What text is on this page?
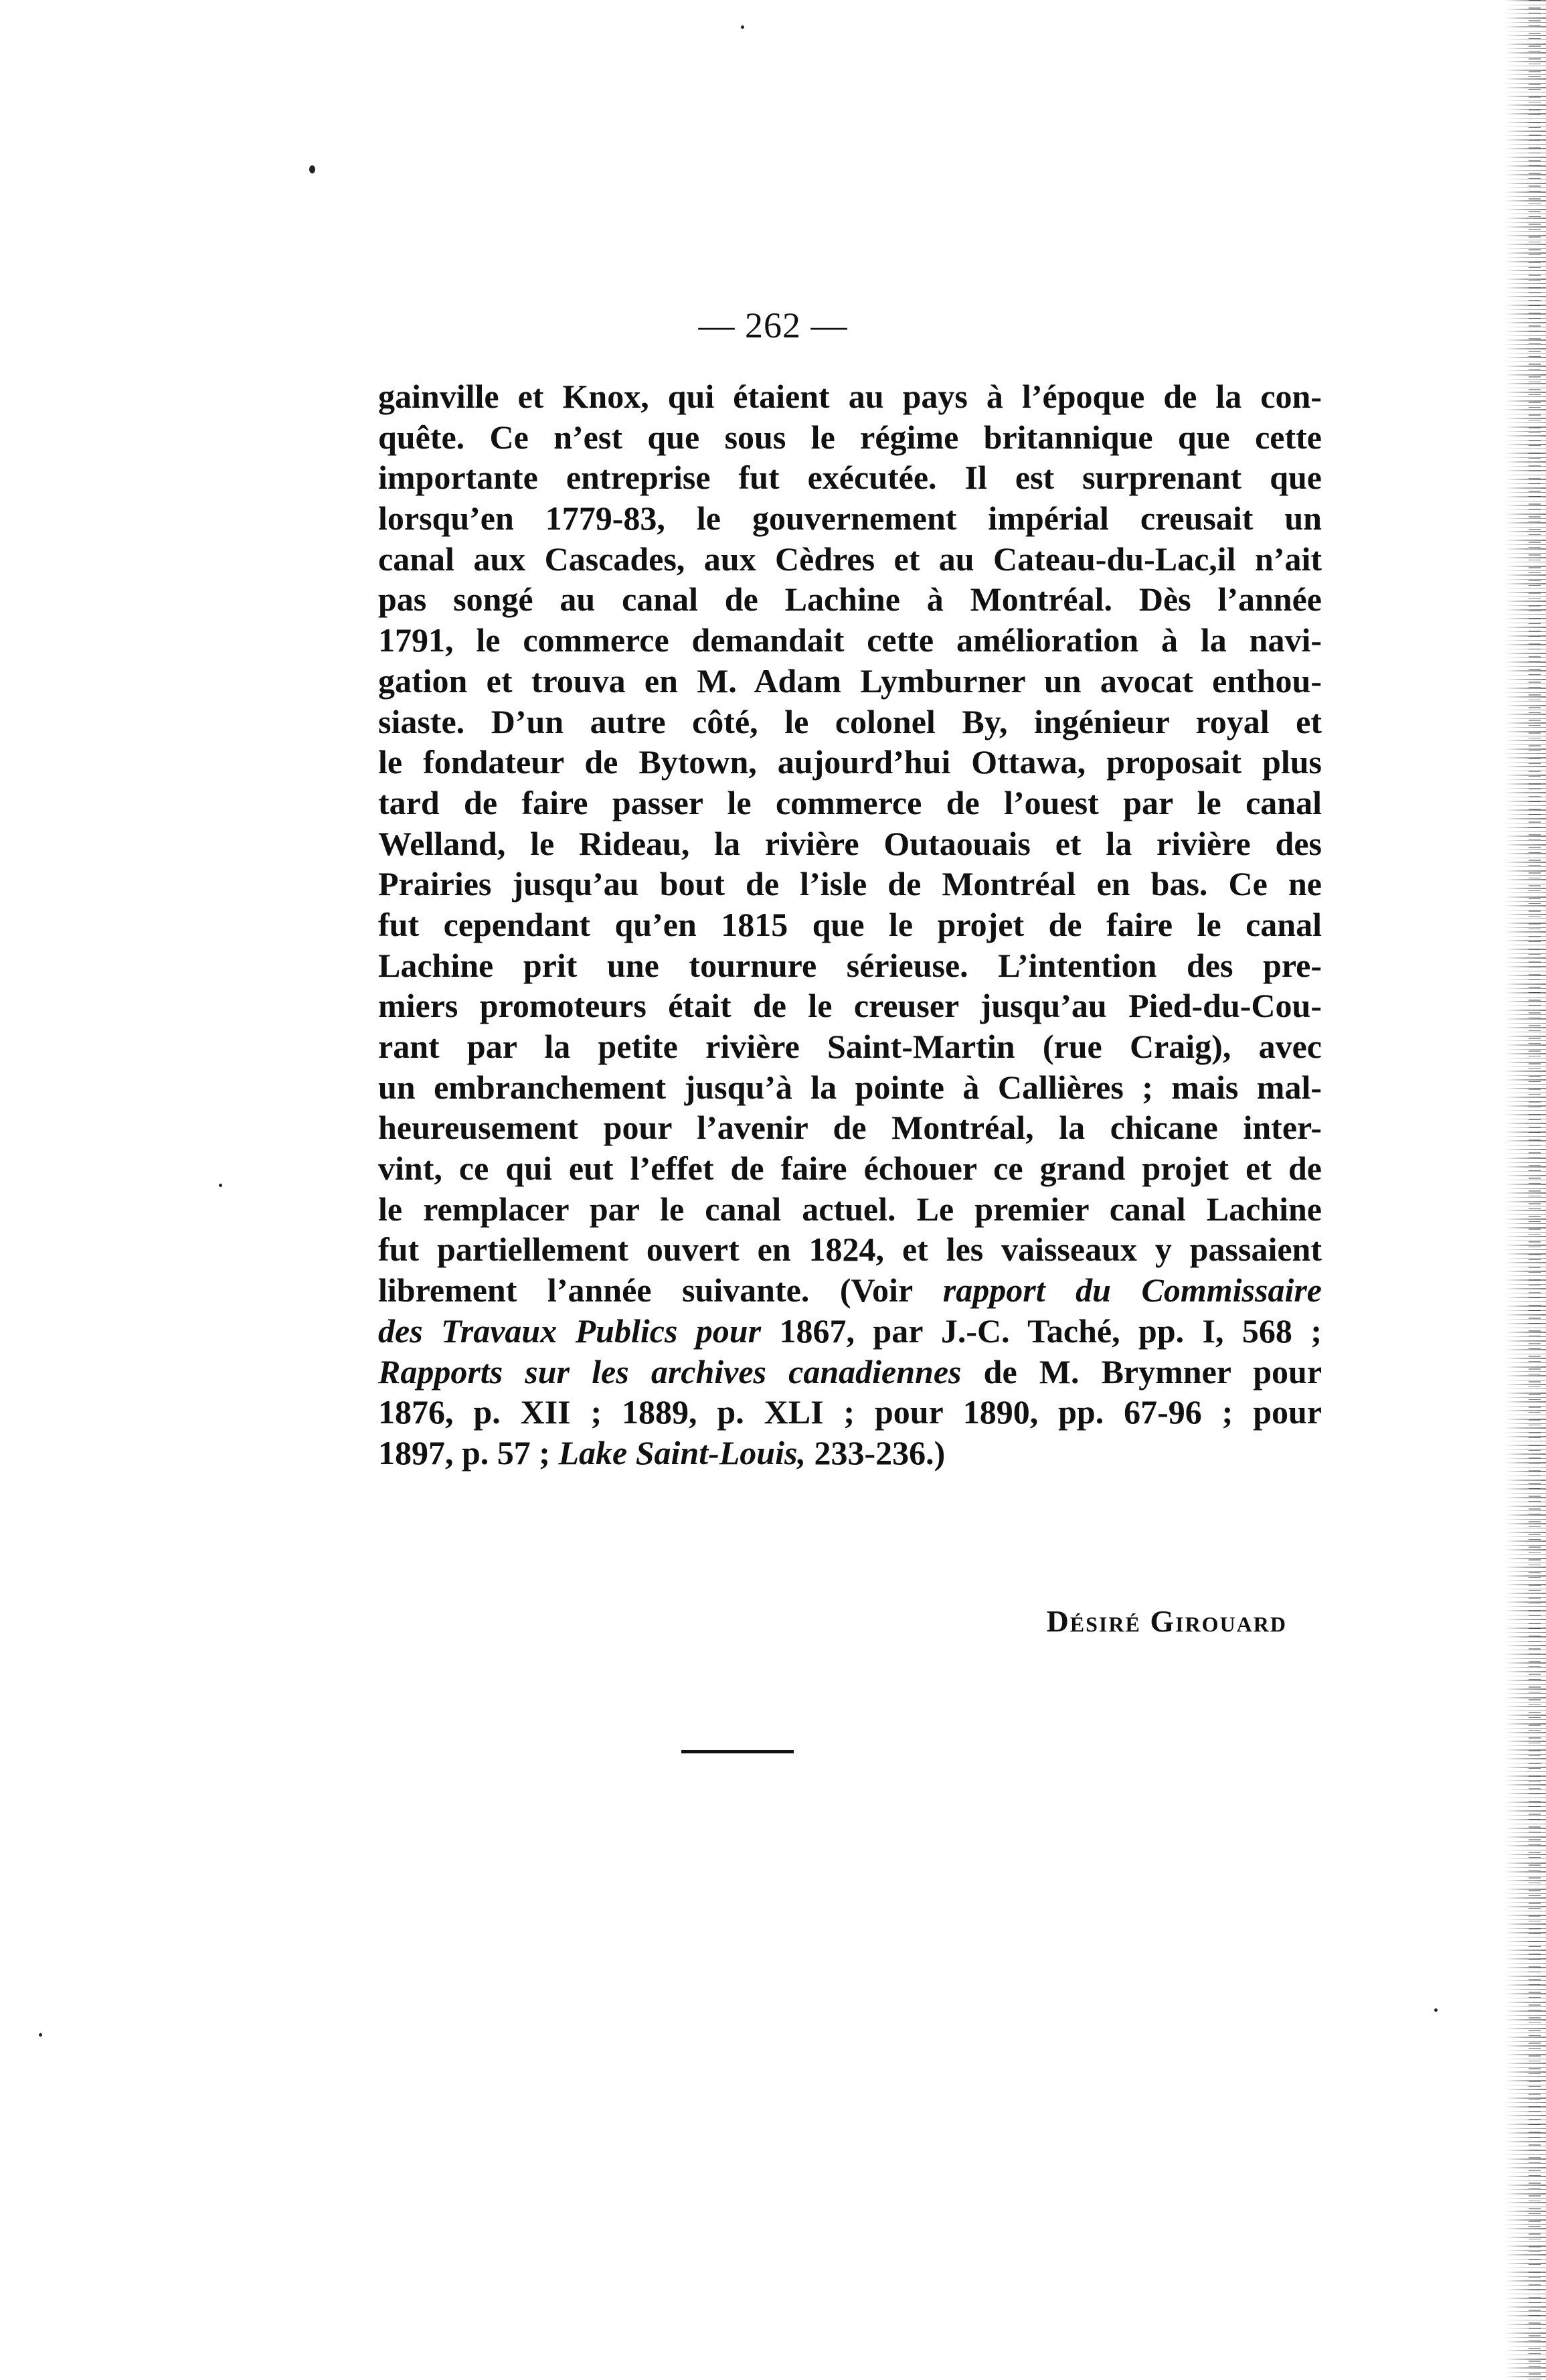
— 262 —
gainville et Knox, qui étaient au pays à l’époque de la con-
quête. Ce n’est que sous le régime britannique que cette
importante entreprise fut exécutée. Il est surprenant que
lorsqu’en 1779-83, le gouvernement impérial creusait un
canal aux Cascades, aux Cèdres et au Cateau-du-Lac,il n’ait
pas songé au canal de Lachine à Montréal. Dès l’année
1791, le commerce demandait cette amélioration à la navi-
gation et trouva en M. Adam Lymburner un avocat enthou-
siaste. D’un autre côté, le colonel By, ingénieur royal et
le fondateur de Bytown, aujourd’hui Ottawa, proposait plus
tard de faire passer le commerce de l’ouest par le canal
Welland, le Rideau, la rivière Outaouais et la rivière des
Prairies jusqu’au bout de l’isle de Montréal en bas. Ce ne
fut cependant qu’en 1815 que le projet de faire le canal
Lachine prit une tournure sérieuse. L’intention des pre-
miers promoteurs était de le creuser jusqu’au Pied-du-Cou-
rant par la petite rivière Saint-Martin (rue Craig), avec
un embranchement jusqu’à la pointe à Callières ; mais mal-
heureusement pour l’avenir de Montréal, la chicane inter-
vint, ce qui eut l’effet de faire échouer ce grand projet et de
le remplacer par le canal actuel. Le premier canal Lachine
fut partiellement ouvert en 1824, et les vaisseaux y passaient
librement l’année suivante. (Voir rapport du Commissaire
des Travaux Publics pour 1867, par J.-C. Taché, pp. I, 568 ;
Rapports sur les archives canadiennes de M. Brymner pour
1876, p. XII ; 1889, p. XLI ; pour 1890, pp. 67-96 ; pour
1897, p. 57 ; Lake Saint-Louis, 233-236.)
Désiré Girouard
